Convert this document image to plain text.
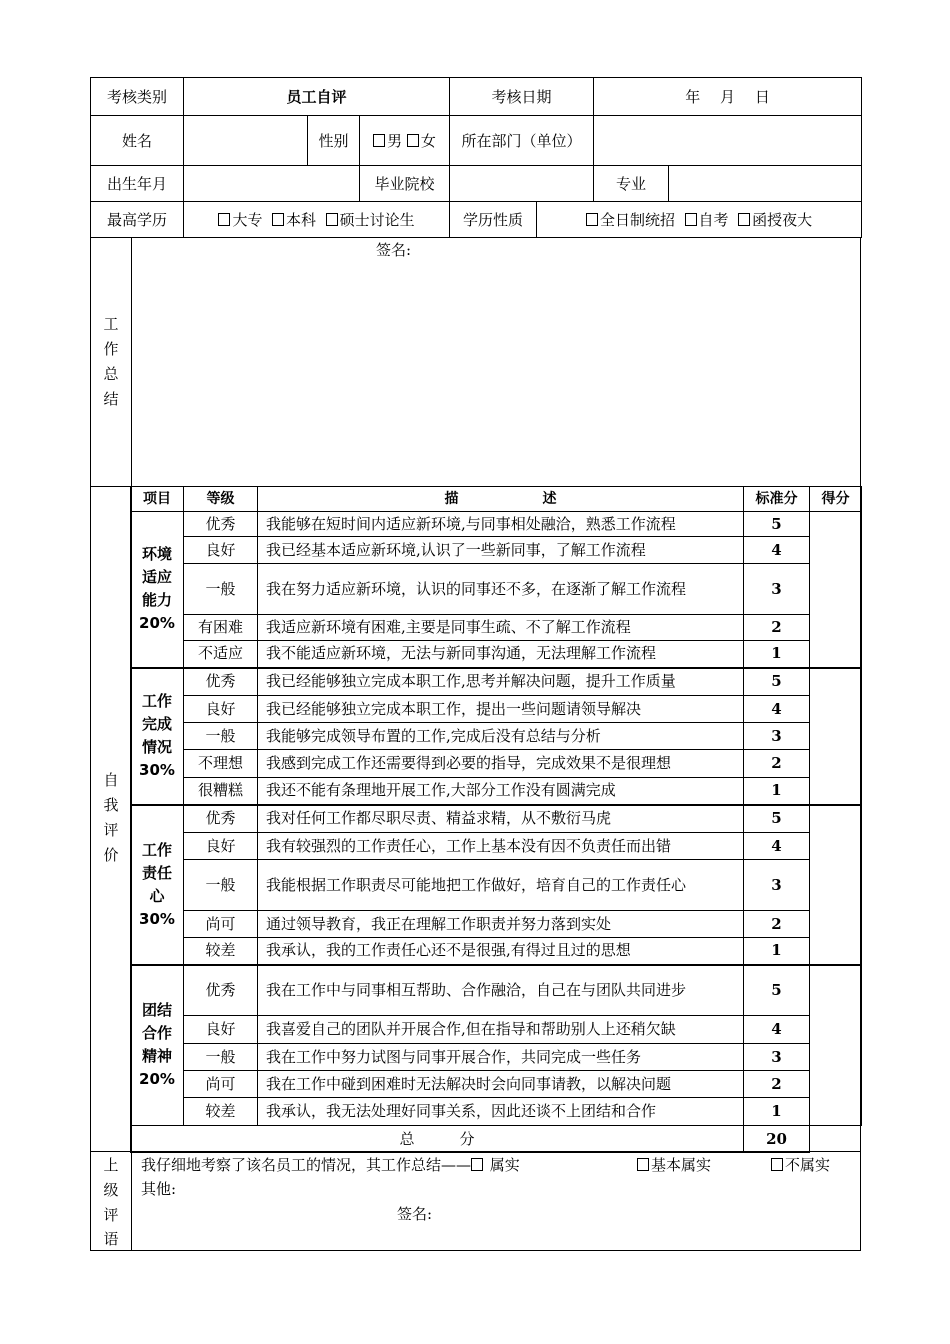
考核类别	员工自评			考核日期		年　 月　 日	
姓名		性别	男 女	所在部门（单位）			
出生年月			毕业院校			专业	
最高学历	大专 本科 硕士讨论生			学历性质	全日制统招 自考 函授夜大		
工
作
总
结
签名:
自
我
评
价
项目	等级	描　　　　　　述	标准分	得分

环境
适应
能力
20%	优秀	我能够在短时间内适应新环境,与同事相处融洽，熟悉工作流程	5	
	良好	我已经基本适应新环境,认识了一些新同事，了解工作流程	4	
	一般	我在努力适应新环境，认识的同事还不多，在逐渐了解工作流程	3	
	有困难	我适应新环境有困难,主要是同事生疏、不了解工作流程	2	
	不适应	我不能适应新环境，无法与新同事沟通，无法理解工作流程	1	

工作
完成
情况
30%	优秀	我已经能够独立完成本职工作,思考并解决问题，提升工作质量	5	
	良好	我已经能够独立完成本职工作，提出一些问题请领导解决	4	
	一般	我能够完成领导布置的工作,完成后没有总结与分析	3	
	不理想	我感到完成工作还需要得到必要的指导，完成效果不是很理想	2	
	很糟糕	我还不能有条理地开展工作,大部分工作没有圆满完成	1	

工作
责任
心
30%	优秀	我对任何工作都尽职尽责、精益求精，从不敷衍马虎	5	
	良好	我有较强烈的工作责任心，工作上基本没有因不负责任而出错	4	
	一般	我能根据工作职责尽可能地把工作做好，培育自己的工作责任心	3	
	尚可	通过领导教育，我正在理解工作职责并努力落到实处	2	
	较差	我承认，我的工作责任心还不是很强,有得过且过的思想	1	

团结
合作
精神
20%	优秀	我在工作中与同事相互帮助、合作融洽，自己在与团队共同进步	5	
	良好	我喜爱自己的团队并开展合作,但在指导和帮助别人上还稍欠缺	4	
	一般	我在工作中努力试图与同事开展合作，共同完成一些任务	3	
	尚可	我在工作中碰到困难时无法解决时会向同事请教，以解决问题	2	
	较差	我承认，我无法处理好同事关系，因此还谈不上团结和合作	1	
总　　　分			20	
上
级
评
语
我仔细地考察了该名员工的情况，其工作总结—— 属实	基本属实	不属实
其他:
签名:
